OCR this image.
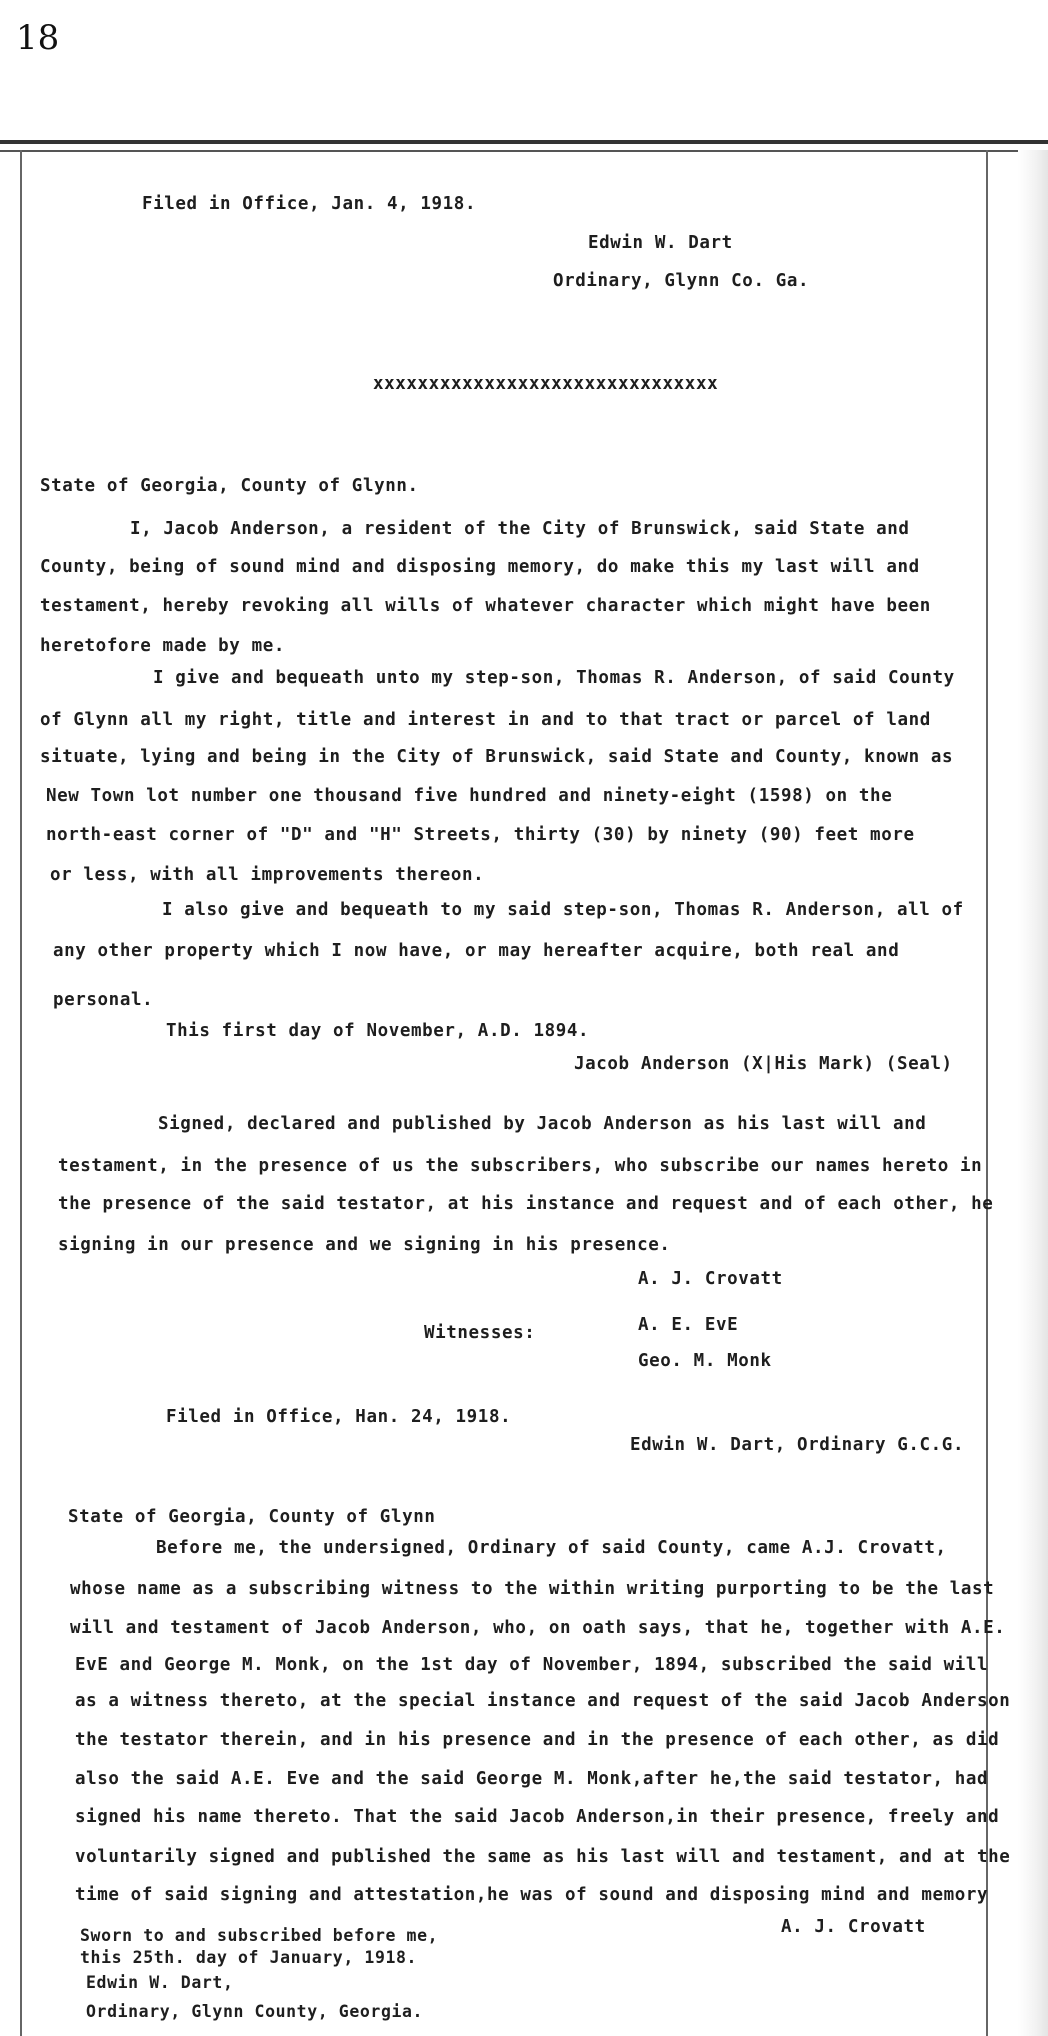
18
Filed in Office, Jan. 4, 1918.
Edwin W. Dart
Ordinary, Glynn Co. Ga.
xxxxxxxxxxxxxxxxxxxxxxxxxxxxxxx
State of Georgia, County of Glynn.
I, Jacob Anderson, a resident of the City of Brunswick, said State and
County, being of sound mind and disposing memory, do make this my last will and
testament, hereby revoking all wills of whatever character which might have been
heretofore made by me.
I give and bequeath unto my step-son, Thomas R. Anderson, of said County
of Glynn all my right, title and interest in and to that tract or parcel of land
situate, lying and being in the City of Brunswick, said State and County, known as
New Town lot number one thousand five hundred and ninety-eight (1598) on the
north-east corner of "D" and "H" Streets, thirty (30) by ninety (90) feet more
or less, with all improvements thereon.
I also give and bequeath to my said step-son, Thomas R. Anderson, all of
any other property which I now have, or may hereafter acquire, both real and
personal.
This first day of November, A.D. 1894.
Jacob Anderson (X|His Mark) (Seal)
Signed, declared and published by Jacob Anderson as his last will and
testament, in the presence of us the subscribers, who subscribe our names hereto in
the presence of the said testator, at his instance and request and of each other, he
signing in our presence and we signing in his presence.
A. J. Crovatt
Witnesses:	A. E. EvE
Geo. M. Monk
Filed in Office, Han. 24, 1918.
Edwin W. Dart, Ordinary G.C.G.
State of Georgia, County of Glynn
Before me, the undersigned, Ordinary of said County, came A.J. Crovatt,
whose name as a subscribing witness to the within writing purporting to be the last
will and testament of Jacob Anderson, who, on oath says, that he, together with A.E.
EvE and George M. Monk, on the 1st day of November, 1894, subscribed the said will
as a witness thereto, at the special instance and request of the said Jacob Anderson
the testator therein, and in his presence and in the presence of each other, as did
also the said A.E. Eve and the said George M. Monk,after he,the said testator, had
signed his name thereto. That the said Jacob Anderson,in their presence, freely and
voluntarily signed and published the same as his last will and testament, and at the
time of said signing and attestation,he was of sound and disposing mind and memory
A. J. Crovatt
Sworn to and subscribed before me,
this 25th. day of January, 1918.
Edwin W. Dart,
Ordinary, Glynn County, Georgia.
